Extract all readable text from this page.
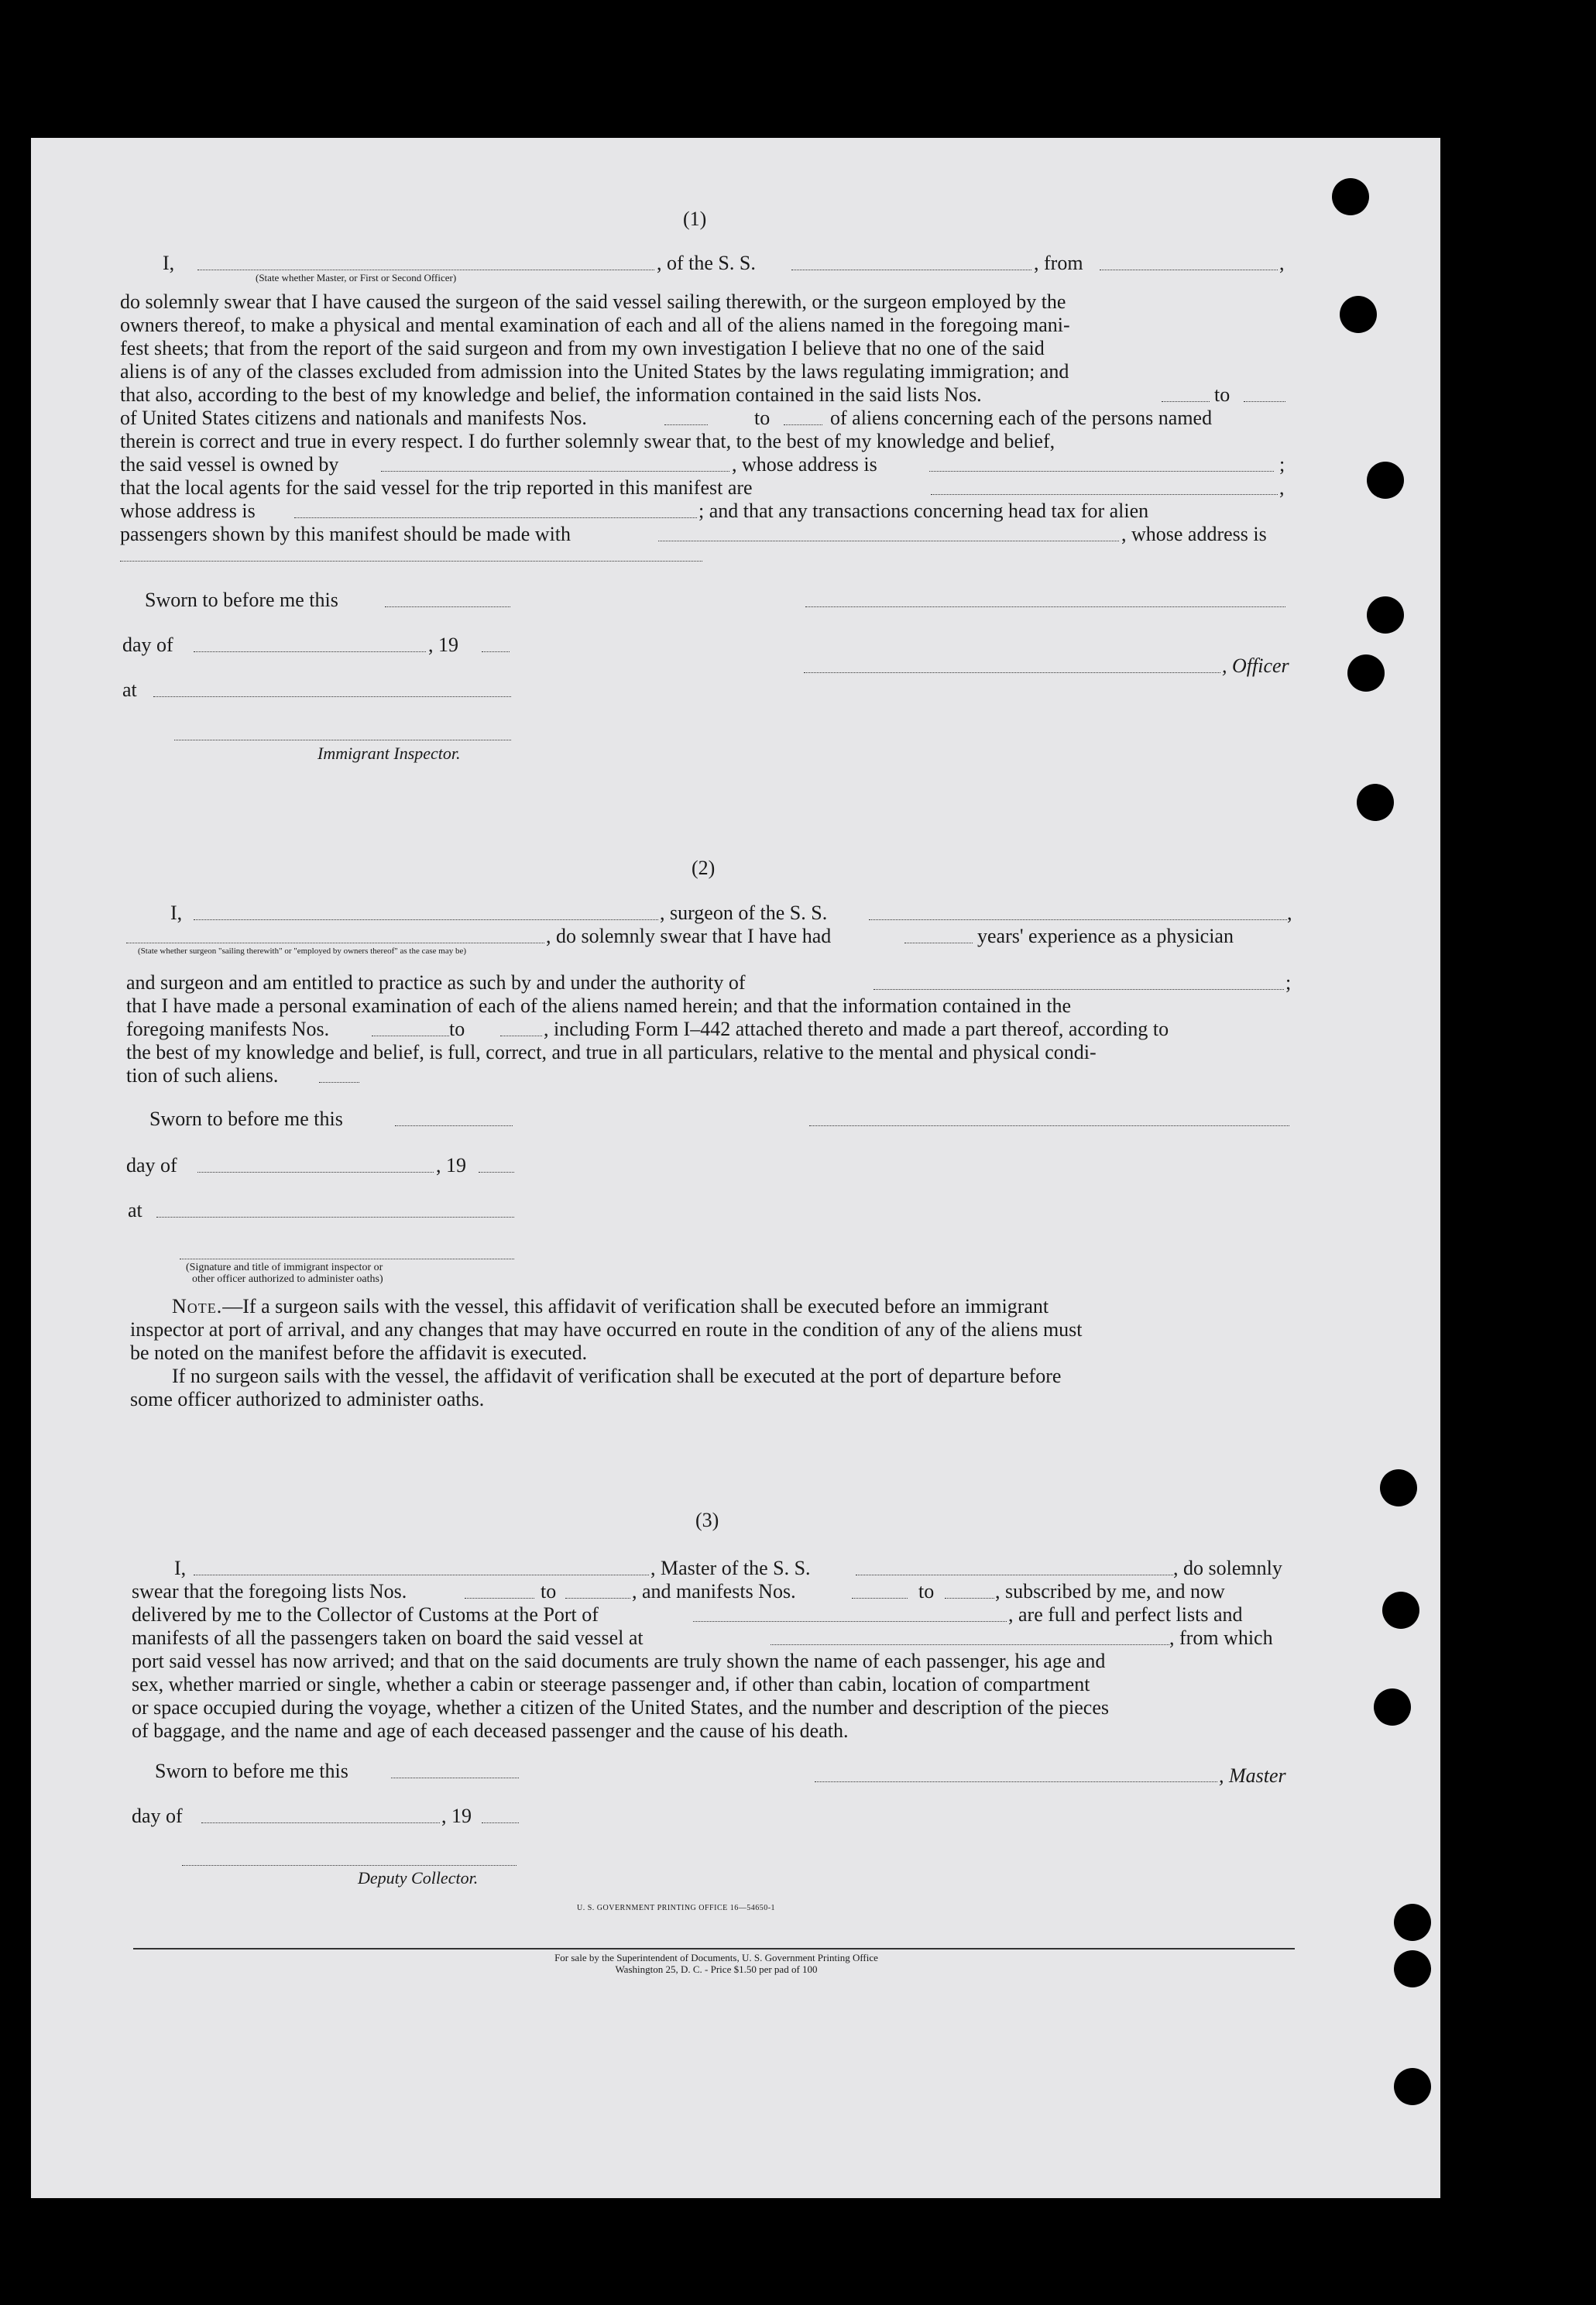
(1)
I,	, of the S. S.	, from	,
(State whether Master, or First or Second Officer)
do solemnly swear that I have caused the surgeon of the said vessel sailing therewith, or the surgeon employed by the
owners thereof, to make a physical and mental examination of each and all of the aliens named in the foregoing mani-
fest sheets; that from the report of the said surgeon and from my own investigation I believe that no one of the said
aliens is of any of the classes excluded from admission into the United States by the laws regulating immigration; and
that also, according to the best of my knowledge and belief, the information contained in the said lists Nos.	to
of United States citizens and nationals and manifests Nos.	to	of aliens concerning each of the persons named
therein is correct and true in every respect. I do further solemnly swear that, to the best of my knowledge and belief,
the said vessel is owned by	, whose address is	;
that the local agents for the said vessel for the trip reported in this manifest are	,
whose address is	; and that any transactions concerning head tax for alien
passengers shown by this manifest should be made with	, whose address is
Sworn to before me this
day of	, 19
, Officer
at
Immigrant Inspector.
(2)
I,	, surgeon of the S. S.	,
, do solemnly swear that I have had	years' experience as a physician
(State whether surgeon "sailing therewith" or "employed by owners thereof" as the case may be)
and surgeon and am entitled to practice as such by and under the authority of	;
that I have made a personal examination of each of the aliens named herein; and that the information contained in the
foregoing manifests Nos.	to	, including Form I–442 attached thereto and made a part thereof, according to
the best of my knowledge and belief, is full, correct, and true in all particulars, relative to the mental and physical condi-
tion of such aliens.
Sworn to before me this
day of	, 19
at
(Signature and title of immigrant inspector or
other officer authorized to administer oaths)
Note.—If a surgeon sails with the vessel, this affidavit of verification shall be executed before an immigrant
inspector at port of arrival, and any changes that may have occurred en route in the condition of any of the aliens must
be noted on the manifest before the affidavit is executed.
If no surgeon sails with the vessel, the affidavit of verification shall be executed at the port of departure before
some officer authorized to administer oaths.
(3)
I,	, Master of the S. S.	, do solemnly
swear that the foregoing lists Nos.	to	, and manifests Nos.	to	, subscribed by me, and now
delivered by me to the Collector of Customs at the Port of	, are full and perfect lists and
manifests of all the passengers taken on board the said vessel at	, from which
port said vessel has now arrived; and that on the said documents are truly shown the name of each passenger, his age and
sex, whether married or single, whether a cabin or steerage passenger and, if other than cabin, location of compartment
or space occupied during the voyage, whether a citizen of the United States, and the number and description of the pieces
of baggage, and the name and age of each deceased passenger and the cause of his death.
Sworn to before me this	, Master
day of	, 19
Deputy Collector.
U. S. GOVERNMENT PRINTING OFFICE 16—54650-1
For sale by the Superintendent of Documents, U. S. Government Printing Office
Washington 25, D. C. - Price $1.50 per pad of 100
